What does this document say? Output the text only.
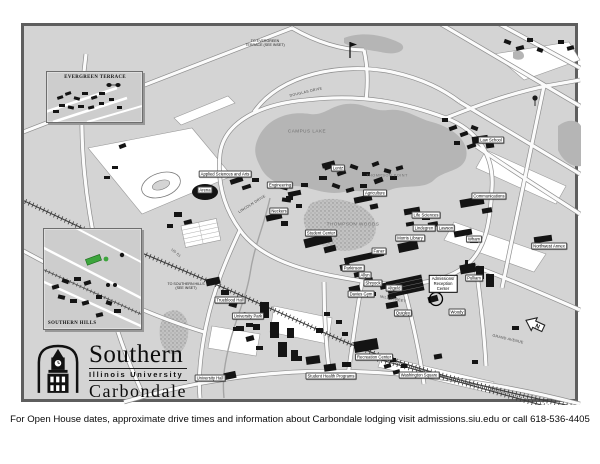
N
Applied Sciences and Arts
Engineering
Arena
Neckers
Student Center
Agriculture
Lentz
Law School
Communications
Life Sciences
Lindegren	Lawson
Morris Library	Wham
Faner
Parkinson
Allyn
Shryock
Altgeld
Davies Gym
Quigley
Pulliam
Northwest Annex
Trueblood Hall
University Park
University Hall	Student Health Programs
Recreation Center
Washington Square
Woody
CAMPUS LAKE
THOMPSON WOODS
THOMPSON POINT
US 51
MILL STREET
GRAND AVENUE
LINCOLN DRIVE
DOUGLAS DRIVE
TO EVERGREEN TERRACE (SEE INSET)
TO SOUTHERN HILLS (SEE INSET)
Admissions/
Reception
Center
EVERGREEN TERRACE
SOUTHERN HILLS
Southern
Illinois University
Carbondale
For Open House dates, approximate drive times and information about Carbondale lodging visit admissions.siu.edu or call 618-536-4405
